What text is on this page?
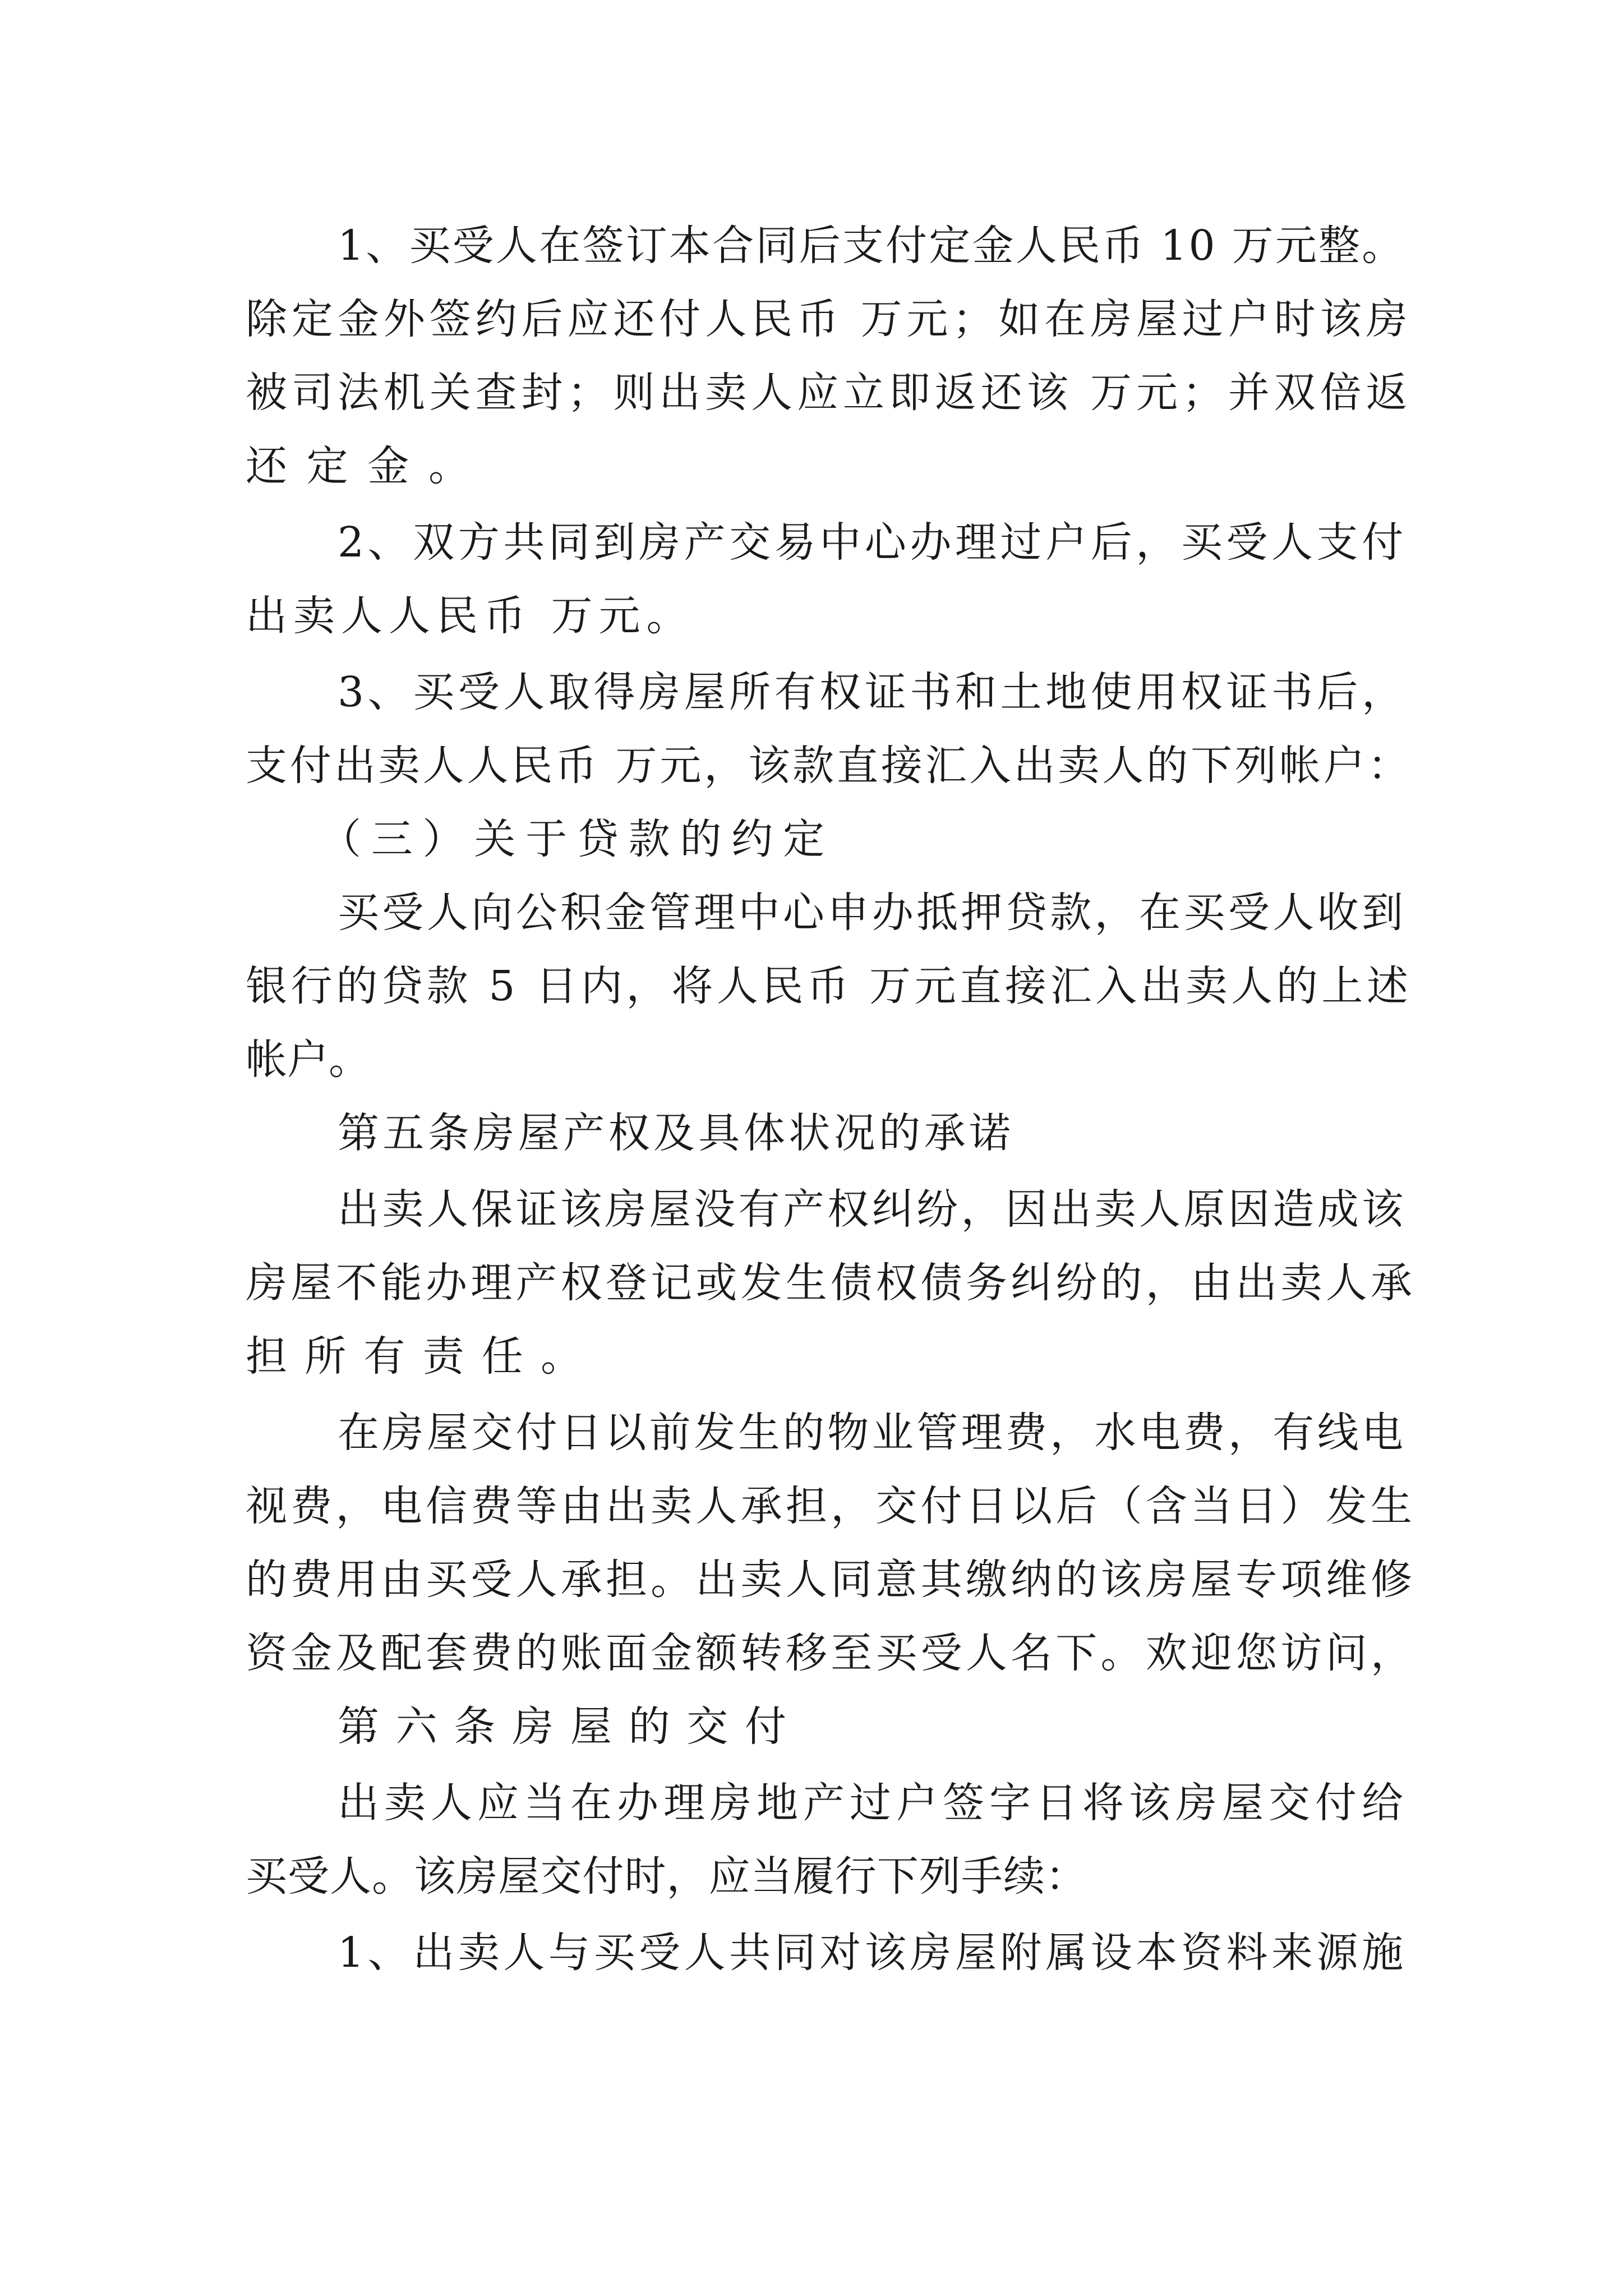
1、买受人在签订本合同后支付定金人民币 10 万元整。
除定金外签约后应还付人民币 万元；如在房屋过户时该房
被司法机关查封；则出卖人应立即返还该 万元；并双倍返
还定金。
2、双方共同到房产交易中心办理过户后，买受人支付
出卖人人民币 万元。
3、买受人取得房屋所有权证书和土地使用权证书后，
支付出卖人人民币 万元，该款直接汇入出卖人的下列帐户：
（三）关于贷款的约定
买受人向公积金管理中心申办抵押贷款，在买受人收到
银行的贷款 5 日内，将人民币 万元直接汇入出卖人的上述
帐户。
第五条房屋产权及具体状况的承诺
出卖人保证该房屋没有产权纠纷，因出卖人原因造成该
房屋不能办理产权登记或发生债权债务纠纷的，由出卖人承
担所有责任。
在房屋交付日以前发生的物业管理费，水电费，有线电
视费，电信费等由出卖人承担，交付日以后（含当日）发生
的费用由买受人承担。出卖人同意其缴纳的该房屋专项维修
资金及配套费的账面金额转移至买受人名下。欢迎您访问，
第六条房屋的交付
出卖人应当在办理房地产过户签字日将该房屋交付给
买受人。该房屋交付时，应当履行下列手续：
1、出卖人与买受人共同对该房屋附属设本资料来源施
